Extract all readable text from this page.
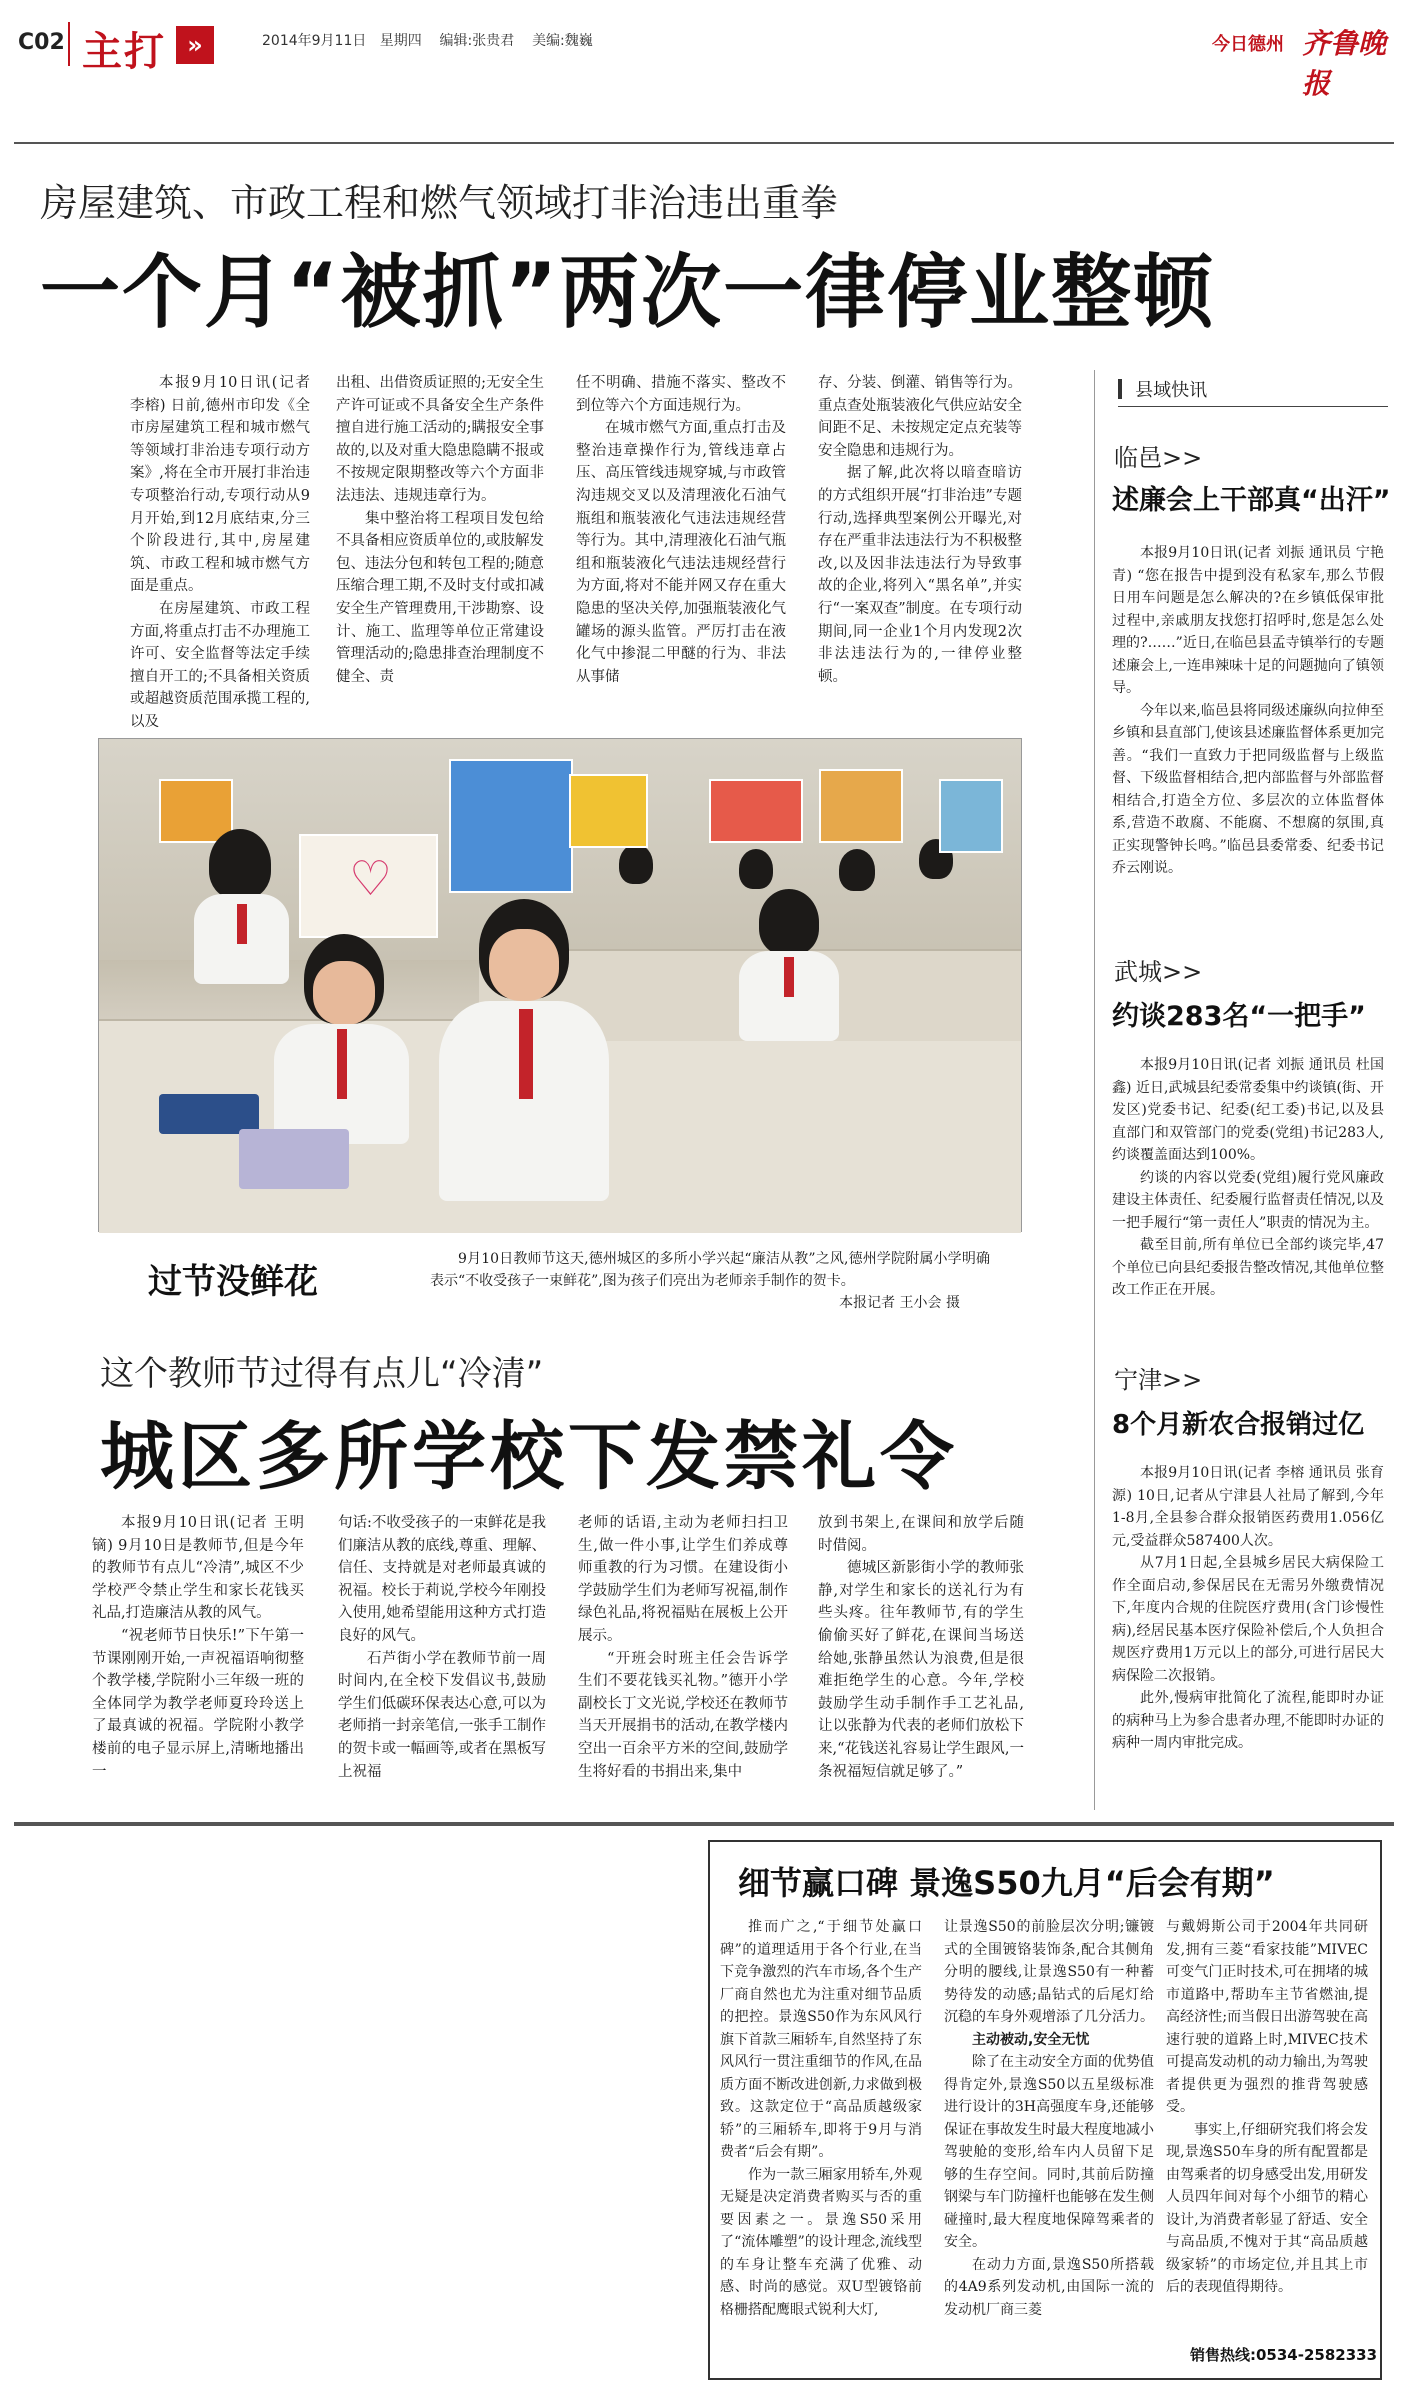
C02 主打 »	2014年9月11日 星期四 编辑:张贵君 美编:魏巍	今日德州 齐鲁晚报
房屋建筑、市政工程和燃气领域打非治违出重拳
一个月“被抓”两次一律停业整顿

本报9月10日讯(记者 李榕) 日前,德州市印发《全市房屋建筑工程和城市燃气等领域打非治违专项行动方案》,将在全市开展打非治违专项整治行动,专项行动从9月开始,到12月底结束,分三个阶段进行,其中,房屋建筑、市政工程和城市燃气方面是重点。

在房屋建筑、市政工程方面,将重点打击不办理施工许可、安全监督等法定手续擅自开工的;不具备相关资质或超越资质范围承揽工程的,以及

出租、出借资质证照的;无安全生产许可证或不具备安全生产条件擅自进行施工活动的;瞒报安全事故的,以及对重大隐患隐瞒不报或不按规定限期整改等六个方面非法违法、违规违章行为。

集中整治将工程项目发包给不具备相应资质单位的,或肢解发包、违法分包和转包工程的;随意压缩合理工期,不及时支付或扣减安全生产管理费用,干涉勘察、设计、施工、监理等单位正常建设管理活动的;隐患排查治理制度不健全、责

任不明确、措施不落实、整改不到位等六个方面违规行为。

在城市燃气方面,重点打击及整治违章操作行为,管线违章占压、高压管线违规穿城,与市政管沟违规交叉以及清理液化石油气瓶组和瓶装液化气违法违规经营等行为。其中,清理液化石油气瓶组和瓶装液化气违法违规经营行为方面,将对不能并网又存在重大隐患的坚决关停,加强瓶装液化气罐场的源头监管。严厉打击在液化气中掺混二甲醚的行为、非法从事储

存、分装、倒灌、销售等行为。重点查处瓶装液化气供应站安全间距不足、未按规定定点充装等安全隐患和违规行为。

据了解,此次将以暗查暗访的方式组织开展“打非治违”专题行动,选择典型案例公开曝光,对存在严重非法违法行为不积极整改,以及因非法违法行为导致事故的企业,将列入“黑名单”,并实行“一案双查”制度。在专项行动期间,同一企业1个月内发现2次非法违法行为的,一律停业整顿。

♡
过节没鲜花

9月10日教师节这天,德州城区的多所小学兴起“廉洁从教”之风,德州学院附属小学明确表示“不收受孩子一束鲜花”,图为孩子们亮出为老师亲手制作的贺卡。

本报记者 王小会 摄
这个教师节过得有点儿“冷清”
城区多所学校下发禁礼令

本报9月10日讯(记者 王明镝) 9月10日是教师节,但是今年的教师节有点儿“冷清”,城区不少学校严令禁止学生和家长花钱买礼品,打造廉洁从教的风气。

“祝老师节日快乐!”下午第一节课刚刚开始,一声祝福语响彻整个教学楼,学院附小三年级一班的全体同学为教学老师夏玲玲送上了最真诚的祝福。学院附小教学楼前的电子显示屏上,清晰地播出一

句话:不收受孩子的一束鲜花是我们廉洁从教的底线,尊重、理解、信任、支持就是对老师最真诚的祝福。校长于莉说,学校今年刚投入使用,她希望能用这种方式打造良好的风气。

石芦街小学在教师节前一周时间内,在全校下发倡议书,鼓励学生们低碳环保表达心意,可以为老师捎一封亲笔信,一张手工制作的贺卡或一幅画等,或者在黑板写上祝福

老师的话语,主动为老师扫扫卫生,做一件小事,让学生们养成尊师重教的行为习惯。在建设街小学鼓励学生们为老师写祝福,制作绿色礼品,将祝福贴在展板上公开展示。

“开班会时班主任会告诉学生们不要花钱买礼物。”德开小学副校长丁文光说,学校还在教师节当天开展捐书的活动,在教学楼内空出一百余平方米的空间,鼓励学生将好看的书捐出来,集中

放到书架上,在课间和放学后随时借阅。

德城区新影街小学的教师张静,对学生和家长的送礼行为有些头疼。往年教师节,有的学生偷偷买好了鲜花,在课间当场送给她,张静虽然认为浪费,但是很难拒绝学生的心意。今年,学校鼓励学生动手制作手工艺礼品,让以张静为代表的老师们放松下来,“花钱送礼容易让学生跟风,一条祝福短信就足够了。”

县域快讯
临邑>>
述廉会上干部真“出汗”

本报9月10日讯(记者 刘振 通讯员 宁艳青) “您在报告中提到没有私家车,那么节假日用车问题是怎么解决的?在乡镇低保审批过程中,亲戚朋友找您打招呼时,您是怎么处理的?……”近日,在临邑县孟寺镇举行的专题述廉会上,一连串辣味十足的问题抛向了镇领导。

今年以来,临邑县将同级述廉纵向拉伸至乡镇和县直部门,使该县述廉监督体系更加完善。“我们一直致力于把同级监督与上级监督、下级监督相结合,把内部监督与外部监督相结合,打造全方位、多层次的立体监督体系,营造不敢腐、不能腐、不想腐的氛围,真正实现警钟长鸣。”临邑县委常委、纪委书记乔云刚说。

武城>>
约谈283名“一把手”

本报9月10日讯(记者 刘振 通讯员 杜国鑫) 近日,武城县纪委常委集中约谈镇(街、开发区)党委书记、纪委(纪工委)书记,以及县直部门和双管部门的党委(党组)书记283人,约谈覆盖面达到100%。

约谈的内容以党委(党组)履行党风廉政建设主体责任、纪委履行监督责任情况,以及一把手履行“第一责任人”职责的情况为主。

截至目前,所有单位已全部约谈完毕,47个单位已向县纪委报告整改情况,其他单位整改工作正在开展。

宁津>>
8个月新农合报销过亿

本报9月10日讯(记者 李榕 通讯员 张育源) 10日,记者从宁津县人社局了解到,今年1-8月,全县参合群众报销医药费用1.056亿元,受益群众587400人次。

从7月1日起,全县城乡居民大病保险工作全面启动,参保居民在无需另外缴费情况下,年度内合规的住院医疗费用(含门诊慢性病),经居民基本医疗保险补偿后,个人负担合规医疗费用1万元以上的部分,可进行居民大病保险二次报销。

此外,慢病审批简化了流程,能即时办证的病种马上为参合患者办理,不能即时办证的病种一周内审批完成。

细节赢口碑 景逸S50九月“后会有期”

推而广之,“于细节处赢口碑”的道理适用于各个行业,在当下竞争激烈的汽车市场,各个生产厂商自然也尤为注重对细节品质的把控。景逸S50作为东风风行旗下首款三厢轿车,自然坚持了东风风行一贯注重细节的作风,在品质方面不断改进创新,力求做到极致。这款定位于“高品质越级家轿”的三厢轿车,即将于9月与消费者“后会有期”。

作为一款三厢家用轿车,外观无疑是决定消费者购买与否的重要因素之一。景逸S50采用了“流体雕塑”的设计理念,流线型的车身让整车充满了优雅、动感、时尚的感觉。双U型镀铬前格栅搭配鹰眼式锐利大灯,

让景逸S50的前脸层次分明;镰镀式的全围镀铬装饰条,配合其侧角分明的腰线,让景逸S50有一种蓄势待发的动感;晶钻式的后尾灯给沉稳的车身外观增添了几分活力。

主动被动,安全无忧

除了在主动安全方面的优势值得肯定外,景逸S50以五星级标准进行设计的3H高强度车身,还能够保证在事故发生时最大程度地减小驾驶舱的变形,给车内人员留下足够的生存空间。同时,其前后防撞钢梁与车门防撞杆也能够在发生侧碰撞时,最大程度地保障驾乘者的安全。

在动力方面,景逸S50所搭载的4A9系列发动机,由国际一流的发动机厂商三菱

与戴姆斯公司于2004年共同研发,拥有三菱“看家技能”MIVEC可变气门正时技术,可在拥堵的城市道路中,帮助车主节省燃油,提高经济性;而当假日出游驾驶在高速行驶的道路上时,MIVEC技术可提高发动机的动力输出,为驾驶者提供更为强烈的推背驾驶感受。

事实上,仔细研究我们将会发现,景逸S50车身的所有配置都是由驾乘者的切身感受出发,用研发人员四年间对每个小细节的精心设计,为消费者彰显了舒适、安全与高品质,不愧对于其“高品质越级家轿”的市场定位,并且其上市后的表现值得期待。

销售热线:0534-2582333
